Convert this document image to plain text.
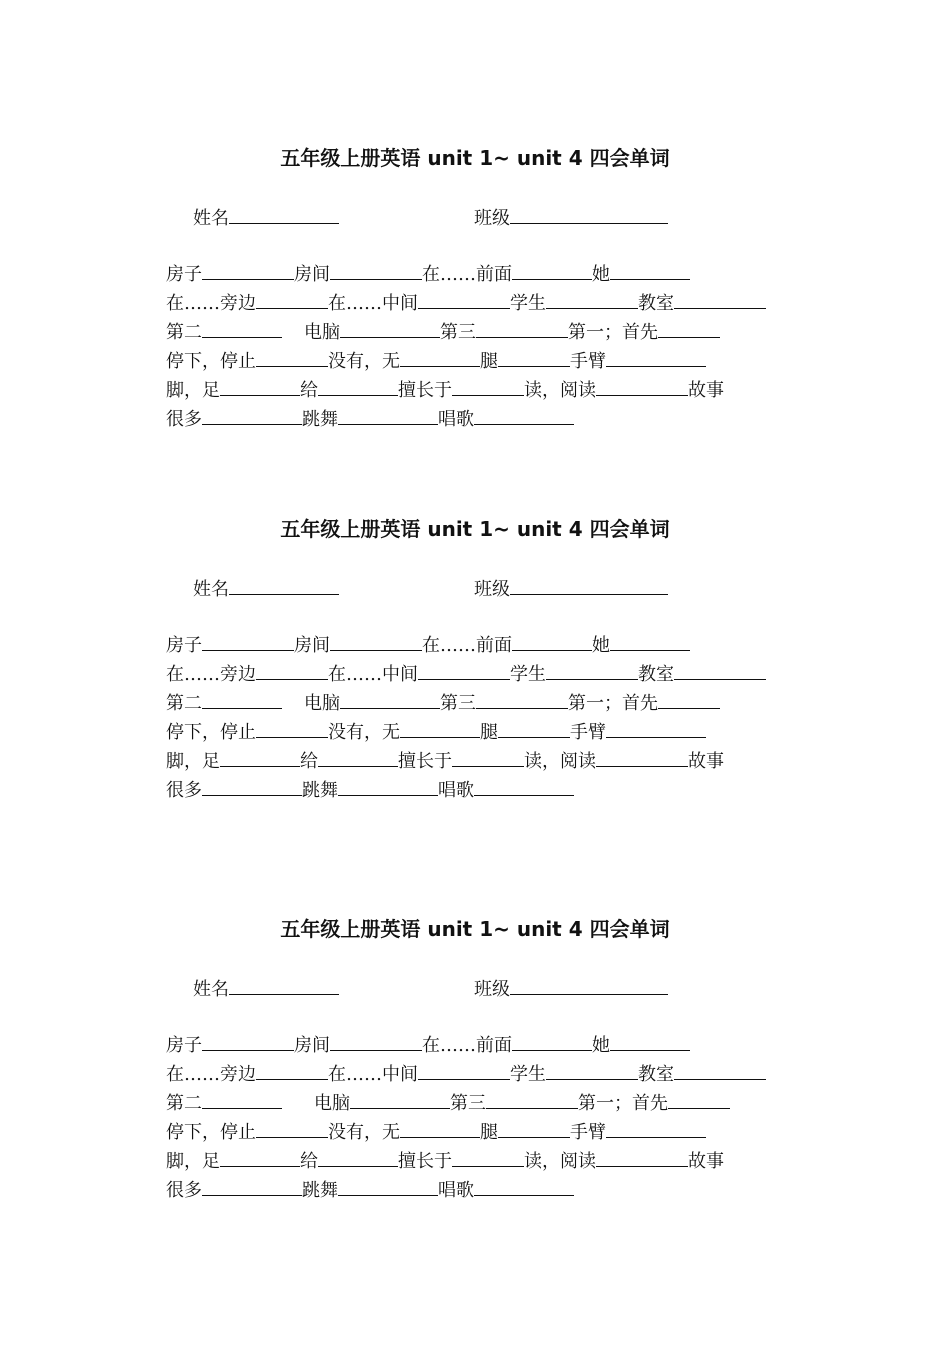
五年级上册英语 unit 1~ unit 4 四会单词
姓名	班级
房子	房间	在……前面	她
在……旁边	在……中间	学生	教室
第二	电脑	第三	第一；首先
停下，停止	没有，无	腿	手臂
脚，足	给	擅长于	读，阅读	故事
很多	跳舞	唱歌
五年级上册英语 unit 1~ unit 4 四会单词
姓名	班级
房子	房间	在……前面	她
在……旁边	在……中间	学生	教室
第二	电脑	第三	第一；首先
停下，停止	没有，无	腿	手臂
脚，足	给	擅长于	读，阅读	故事
很多	跳舞	唱歌
五年级上册英语 unit 1~ unit 4 四会单词
姓名	班级
房子	房间	在……前面	她
在……旁边	在……中间	学生	教室
第二	电脑	第三	第一；首先
停下，停止	没有，无	腿	手臂
脚，足	给	擅长于	读，阅读	故事
很多	跳舞	唱歌
